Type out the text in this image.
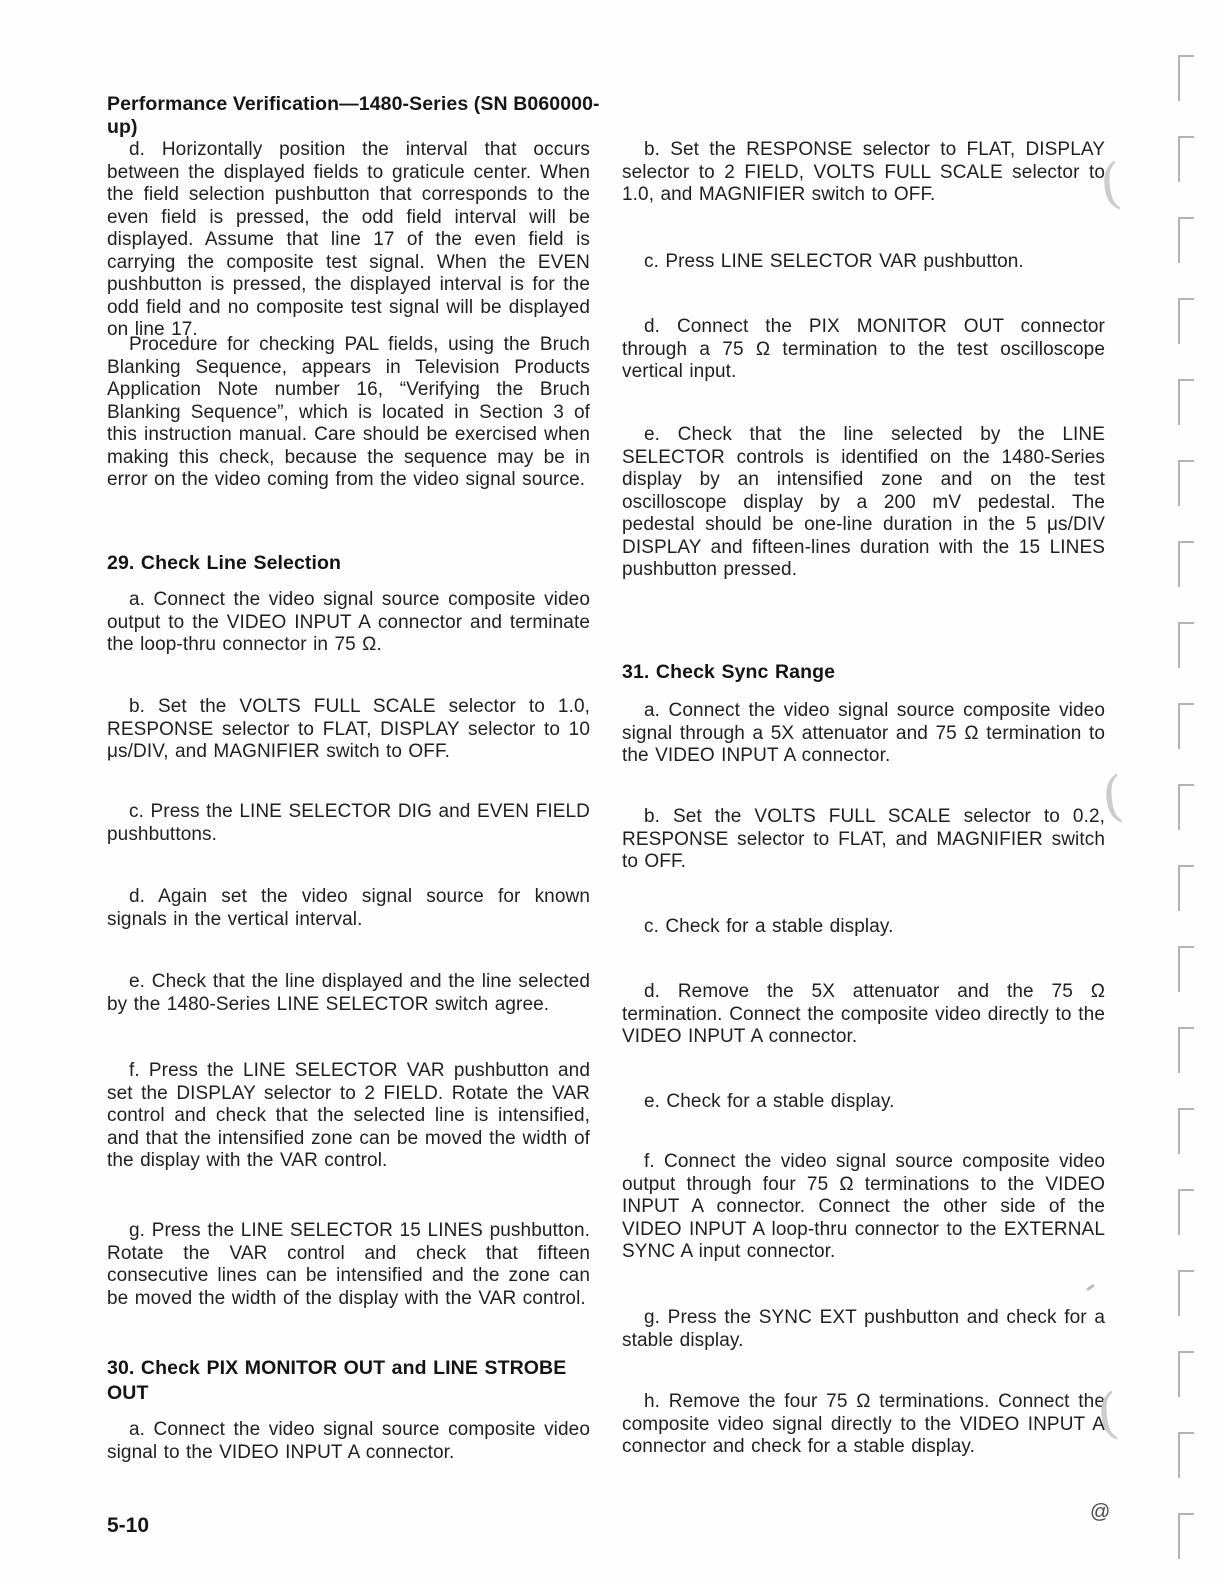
Performance Verification—1480-Series (SN B060000-up)

d. Horizontally position the interval that occurs between the displayed fields to graticule center. When the field selection pushbutton that corresponds to the even field is pressed, the odd field interval will be displayed. Assume that line 17 of the even field is carrying the composite test signal. When the EVEN pushbutton is pressed, the displayed interval is for the odd field and no composite test signal will be displayed on line 17.

Procedure for checking PAL fields, using the Bruch Blanking Sequence, appears in Television Products Application Note number 16, “Verifying the Bruch Blanking Sequence”, which is located in Section 3 of this instruction manual. Care should be exercised when making this check, because the sequence may be in error on the video coming from the video signal source.

29. Check Line Selection

a. Connect the video signal source composite video output to the VIDEO INPUT A connector and terminate the loop-thru connector in 75 Ω.

b. Set the VOLTS FULL SCALE selector to 1.0, RESPONSE selector to FLAT, DISPLAY selector to 10 μs/DIV, and MAGNIFIER switch to OFF.

c. Press the LINE SELECTOR DIG and EVEN FIELD pushbuttons.

d. Again set the video signal source for known signals in the vertical interval.

e. Check that the line displayed and the line selected by the 1480-Series LINE SELECTOR switch agree.

f. Press the LINE SELECTOR VAR pushbutton and set the DISPLAY selector to 2 FIELD. Rotate the VAR control and check that the selected line is intensified, and that the intensified zone can be moved the width of the display with the VAR control.

g. Press the LINE SELECTOR 15 LINES pushbutton. Rotate the VAR control and check that fifteen consecutive lines can be intensified and the zone can be moved the width of the display with the VAR control.

30. Check PIX MONITOR OUT and LINE STROBE OUT

a. Connect the video signal source composite video signal to the VIDEO INPUT A connector.

b. Set the RESPONSE selector to FLAT, DISPLAY selector to 2 FIELD, VOLTS FULL SCALE selector to 1.0, and MAGNIFIER switch to OFF.

c. Press LINE SELECTOR VAR pushbutton.

d. Connect the PIX MONITOR OUT connector through a 75 Ω termination to the test oscilloscope vertical input.

e. Check that the line selected by the LINE SELECTOR controls is identified on the 1480-Series display by an intensified zone and on the test oscilloscope display by a 200 mV pedestal. The pedestal should be one-line duration in the 5 μs/DIV DISPLAY and fifteen-lines duration with the 15 LINES pushbutton pressed.

31. Check Sync Range

a. Connect the video signal source composite video signal through a 5X attenuator and 75 Ω termination to the VIDEO INPUT A connector.

b. Set the VOLTS FULL SCALE selector to 0.2, RESPONSE selector to FLAT, and MAGNIFIER switch to OFF.

c. Check for a stable display.

d. Remove the 5X attenuator and the 75 Ω termination. Connect the composite video directly to the VIDEO INPUT A connector.

e. Check for a stable display.

f. Connect the video signal source composite video output through four 75 Ω terminations to the VIDEO INPUT A connector. Connect the other side of the VIDEO INPUT A loop-thru connector to the EXTERNAL SYNC A input connector.

g. Press the SYNC EXT pushbutton and check for a stable display.

h. Remove the four 75 Ω terminations. Connect the composite video signal directly to the VIDEO INPUT A connector and check for a stable display.

5-10

@

(

(

(
